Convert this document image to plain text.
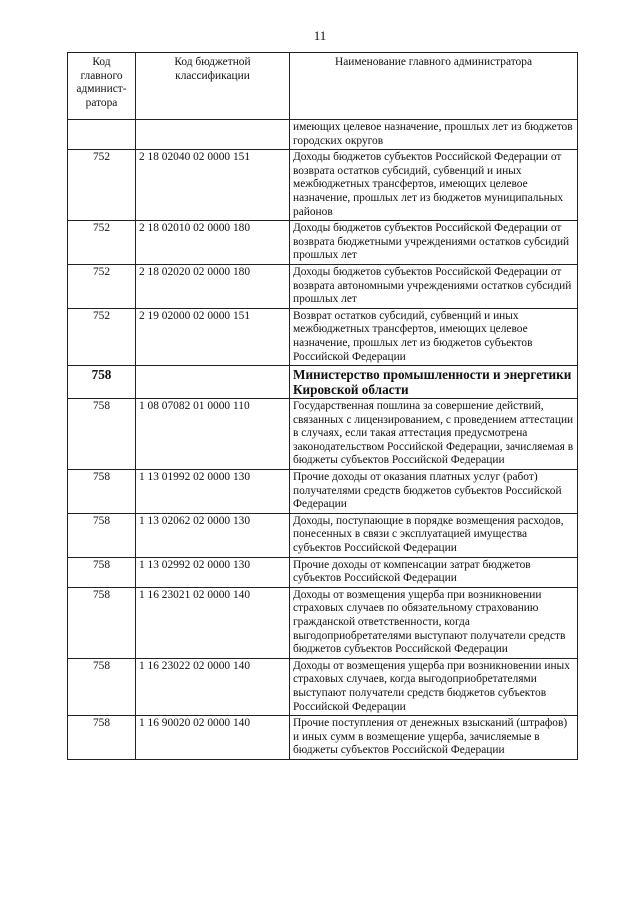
11
Код главного админист-ратора	Код бюджетной классификации	Наименование главного администратора
		имеющих целевое назначение, прошлых лет из бюджетов городских округов
752	2 18 02040 02 0000 151	Доходы бюджетов субъектов Российской Федерации от возврата остатков субсидий, субвенций и иных межбюджетных трансфертов, имеющих целевое назначение, прошлых лет из бюджетов муниципальных районов
752	2 18 02010 02 0000 180	Доходы бюджетов субъектов Российской Федерации от возврата бюджетными учреждениями остатков субсидий прошлых лет
752	2 18 02020 02 0000 180	Доходы бюджетов субъектов Российской Федерации от возврата автономными учреждениями остатков субсидий прошлых лет
752	2 19 02000 02 0000 151	Возврат остатков субсидий, субвенций и иных межбюджетных трансфертов, имеющих целевое назначение, прошлых лет из бюджетов субъектов Российской Федерации
758		Министерство промышленности и энергетики Кировской области
758	1 08 07082 01 0000 110	Государственная пошлина за совершение действий, связанных с лицензированием, с проведением аттестации в случаях, если такая аттестация предусмотрена законодательством Российской Федерации, зачисляемая в бюджеты субъектов Российской Федерации
758	1 13 01992 02 0000 130	Прочие доходы от оказания платных услуг (работ) получателями средств бюджетов субъектов Российской Федерации
758	1 13 02062 02 0000 130	Доходы, поступающие в порядке возмещения расходов, понесенных в связи с эксплуатацией имущества субъектов Российской Федерации
758	1 13 02992 02 0000 130	Прочие доходы от компенсации затрат бюджетов субъектов Российской Федерации
758	1 16 23021 02 0000 140	Доходы от возмещения ущерба при возникновении страховых случаев по обязательному страхованию гражданской ответственности, когда выгодоприобретателями выступают получатели средств бюджетов субъектов Российской Федерации
758	1 16 23022 02 0000 140	Доходы от возмещения ущерба при возникновении иных страховых случаев, когда выгодоприобретателями выступают получатели средств бюджетов субъектов Российской Федерации
758	1 16 90020 02 0000 140	Прочие поступления от денежных взысканий (штрафов) и иных сумм в возмещение ущерба, зачисляемые в бюджеты субъектов Российской Федерации
